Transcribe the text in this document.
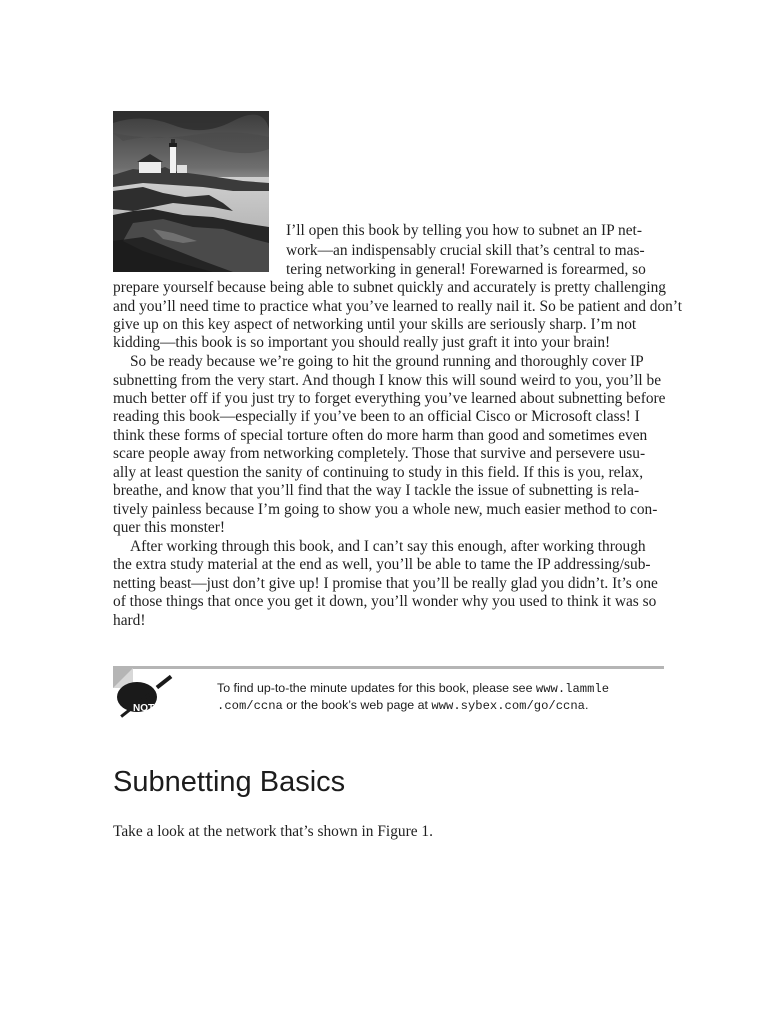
I’ll open this book by telling you how to subnet an IP net-
work—an indispensably crucial skill that’s central to mas-
tering networking in general! Forewarned is forearmed, so
prepare yourself because being able to subnet quickly and accurately is pretty challenging
and you’ll need time to practice what you’ve learned to really nail it. So be patient and don’t
give up on this key aspect of networking until your skills are seriously sharp. I’m not
kidding—this book is so important you should really just graft it into your brain!
So be ready because we’re going to hit the ground running and thoroughly cover IP
subnetting from the very start. And though I know this will sound weird to you, you’ll be
much better off if you just try to forget everything you’ve learned about subnetting before
reading this book—especially if you’ve been to an official Cisco or Microsoft class! I
think these forms of special torture often do more harm than good and sometimes even
scare people away from networking completely. Those that survive and persevere usu-
ally at least question the sanity of continuing to study in this field. If this is you, relax,
breathe, and know that you’ll find that the way I tackle the issue of subnetting is rela-
tively painless because I’m going to show you a whole new, much easier method to con-
quer this monster!
After working through this book, and I can’t say this enough, after working through
the extra study material at the end as well, you’ll be able to tame the IP addressing/sub-
netting beast—just don’t give up! I promise that you’ll be really glad you didn’t. It’s one
of those things that once you get it down, you’ll wonder why you used to think it was so
hard!
NOTE
To find up-to-the minute updates for this book, please see www.lammle
.com/ccna or the book’s web page at www.sybex.com/go/ccna.
Subnetting Basics
Take a look at the network that’s shown in Figure 1.
